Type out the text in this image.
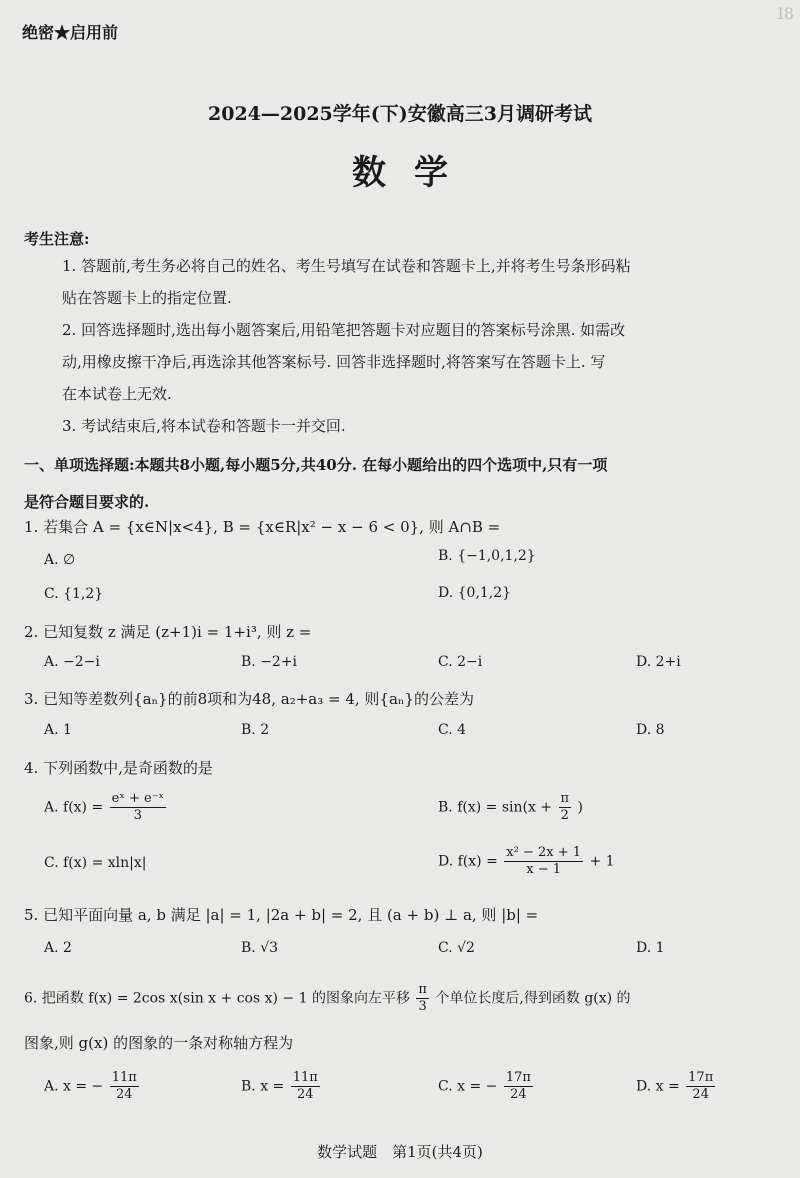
I8
绝密★启用前
2024—2025学年(下)安徽高三3月调研考试
数学
考生注意:
1. 答题前,考生务必将自己的姓名、考生号填写在试卷和答题卡上,并将考生号条形码粘
贴在答题卡上的指定位置.
2. 回答选择题时,选出每小题答案后,用铅笔把答题卡对应题目的答案标号涂黑. 如需改
动,用橡皮擦干净后,再选涂其他答案标号. 回答非选择题时,将答案写在答题卡上. 写
在本试卷上无效.
3. 考试结束后,将本试卷和答题卡一并交回.
一、单项选择题:本题共8小题,每小题5分,共40分. 在每小题给出的四个选项中,只有一项
是符合题目要求的.
1. 若集合 A = {x∈N|x<4}, B = {x∈R|x² − x − 6 < 0}, 则 A∩B =
A. ∅	B. {−1,0,1,2}
C. {1,2}	D. {0,1,2}
2. 已知复数 z 满足 (z+1)i = 1+i³, 则 z =
A. −2−i	B. −2+i	C. 2−i	D. 2+i
3. 已知等差数列{aₙ}的前8项和为48, a₂+a₃ = 4, 则{aₙ}的公差为
A. 1	B. 2	C. 4	D. 8
4. 下列函数中,是奇函数的是
A. $f(x) = \frac{\text{eˣ + e⁻ˣ}}{3}$	B. $f(x) = \sin(x + \frac{\pi}{2}$ )
C. f(x) = xln|x|	D. $f(x) = \frac{\text{x² − 2x + 1}}{x - 1} + 1$
5. 已知平面向量 a, b 满足 |a| = 1, |2a + b| = 2, 且 (a + b) ⊥ a, 则 |b| =
A. 2	B. √3	C. √2	D. 1
6. 把函数 f(x) = 2cos x(sin x + cos x) − 1 的图象向左平移 $\frac{\pi}{3}$ 个单位长度后,得到函数 g(x) 的
图象,则 g(x) 的图象的一条对称轴方程为
A. x = − $\frac{11\pi}{24}$	B. $x = \frac{11\pi}{24}$	C. x = − $\frac{17\pi}{24}$	D. $x = \frac{17\pi}{24}$
数学试题　第1页(共4页)
